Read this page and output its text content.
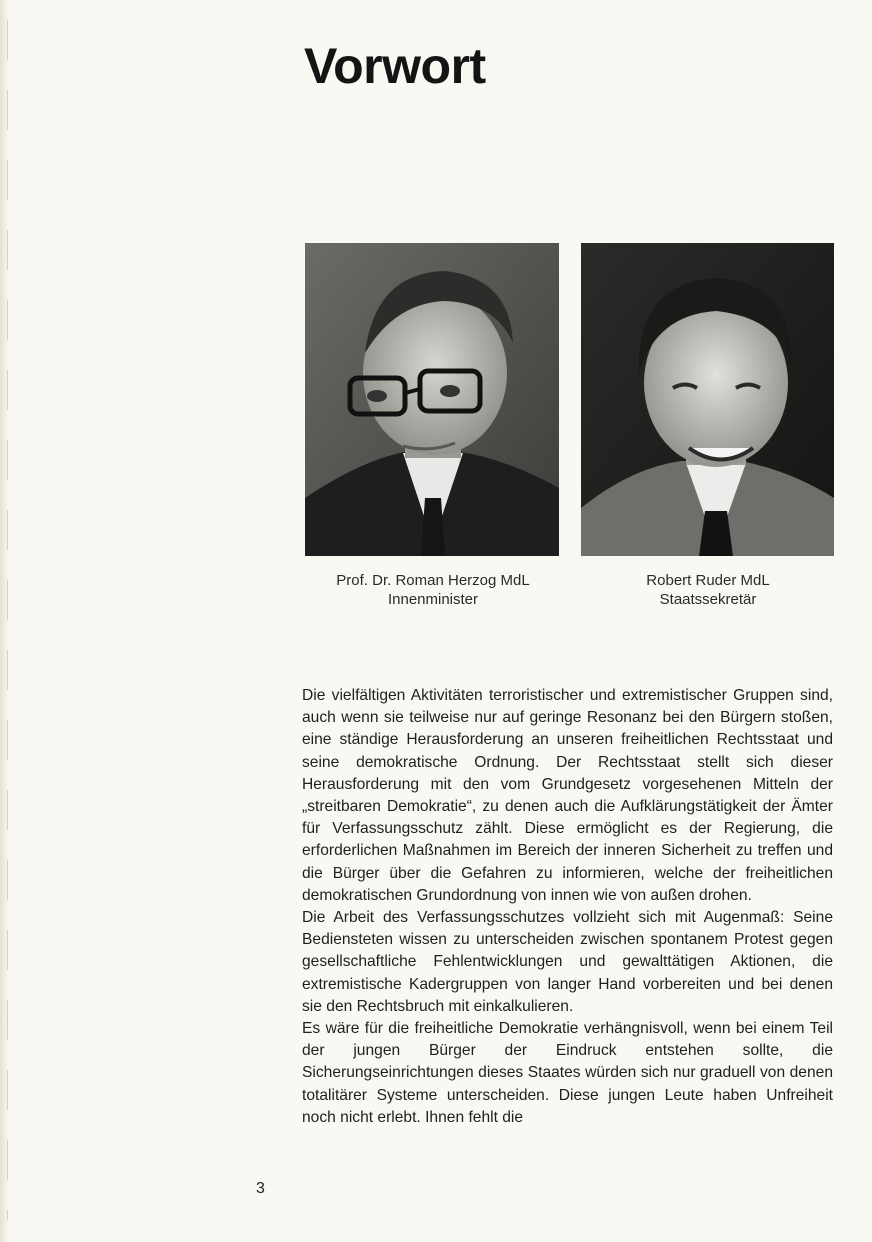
Vorwort
Prof. Dr. Roman Herzog MdL
Innenminister
Robert Ruder MdL
Staatssekretär

Die vielfältigen Aktivitäten terroristischer und extremistischer Gruppen sind, auch wenn sie teilweise nur auf geringe Resonanz bei den Bürgern stoßen, eine ständige Herausforderung an unseren freiheitlichen Rechtsstaat und seine demokratische Ordnung. Der Rechtsstaat stellt sich dieser Herausforderung mit den vom Grundgesetz vorgesehenen Mitteln der „streitbaren Demokratie“, zu denen auch die Aufklärungstätigkeit der Ämter für Verfassungsschutz zählt. Diese ermöglicht es der Regierung, die erforderlichen Maßnahmen im Bereich der inneren Sicherheit zu treffen und die Bürger über die Gefahren zu informieren, welche der freiheitlichen demokratischen Grundordnung von innen wie von außen drohen.

Die Arbeit des Verfassungsschutzes vollzieht sich mit Augenmaß: Seine Bediensteten wissen zu unterscheiden zwischen spontanem Protest gegen gesellschaftliche Fehlentwicklungen und gewalttätigen Aktionen, die extremistische Kadergruppen von langer Hand vorbereiten und bei denen sie den Rechtsbruch mit einkalkulieren.

Es wäre für die freiheitliche Demokratie verhängnisvoll, wenn bei einem Teil der jungen Bürger der Eindruck entstehen sollte, die Sicherungseinrichtungen dieses Staates würden sich nur graduell von denen totalitärer Systeme unterscheiden. Diese jungen Leute haben Unfreiheit noch nicht erlebt. Ihnen fehlt die

3
